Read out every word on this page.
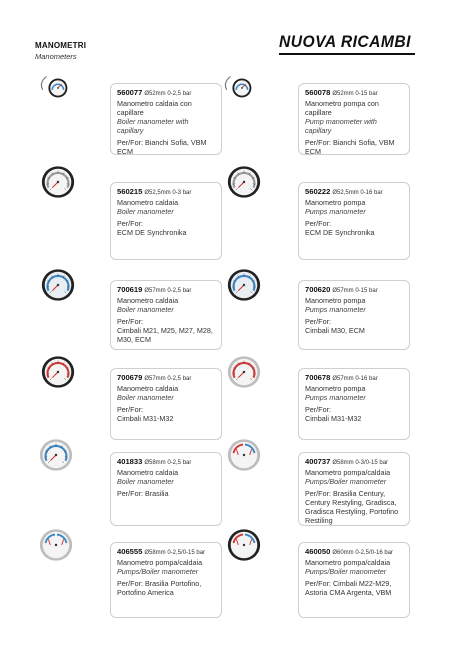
MANOMETRI
Manometers
NUOVA RICAMBI
560077 Ø52mm 0-2,5 bar
Manometro caldaia con capillare
Boiler manometer with capillary
Per/For: Bianchi Sofia, VBM ECM
560078 Ø52mm 0-15 bar
Manometro pompa con capillare
Pump manometer with capillary
Per/For: Bianchi Sofia, VBM ECM
560215 Ø52,5mm 0-3 bar
Manometro caldaia
Boiler manometer
Per/For:
ECM DE Synchronika
560222 Ø52,5mm 0-16 bar
Manometro pompa
Pumps manometer
Per/For:
ECM DE Synchronika
700619 Ø57mm 0-2,5 bar
Manometro caldaia
Boiler manometer
Per/For:
Cimbali M21, M25, M27, M28, M30, ECM
700620 Ø57mm 0-15 bar
Manometro pompa
Pumps manometer
Per/For:
Cimbali M30, ECM
700679 Ø57mm 0-2,5 bar
Manometro caldaia
Boiler manometer
Per/For:
Cimbali M31-M32
700678 Ø57mm 0-16 bar
Manometro pompa
Pumps manometer
Per/For:
Cimbali M31-M32
401833 Ø58mm 0-2,5 bar
Manometro caldaia
Boiler manometer
Per/For: Brasilia
400737 Ø58mm 0-3/0-15 bar
Manometro pompa/caldaia
Pumps/Boiler manometer
Per/For: Brasilia Century, Century Restyling, Gradisca, Gradisca Restyling, Portofino Restiling
406555 Ø58mm 0-2,5/0-15 bar
Manometro pompa/caldaia
Pumps/Boiler manometer
Per/For: Brasilia Portofino, Portofino America
460050 Ø60mm 0-2,5/0-16 bar
Manometro pompa/caldaia
Pumps/Boiler manometer
Per/For: Cimbali M22-M29, Astoria CMA Argenta, VBM
